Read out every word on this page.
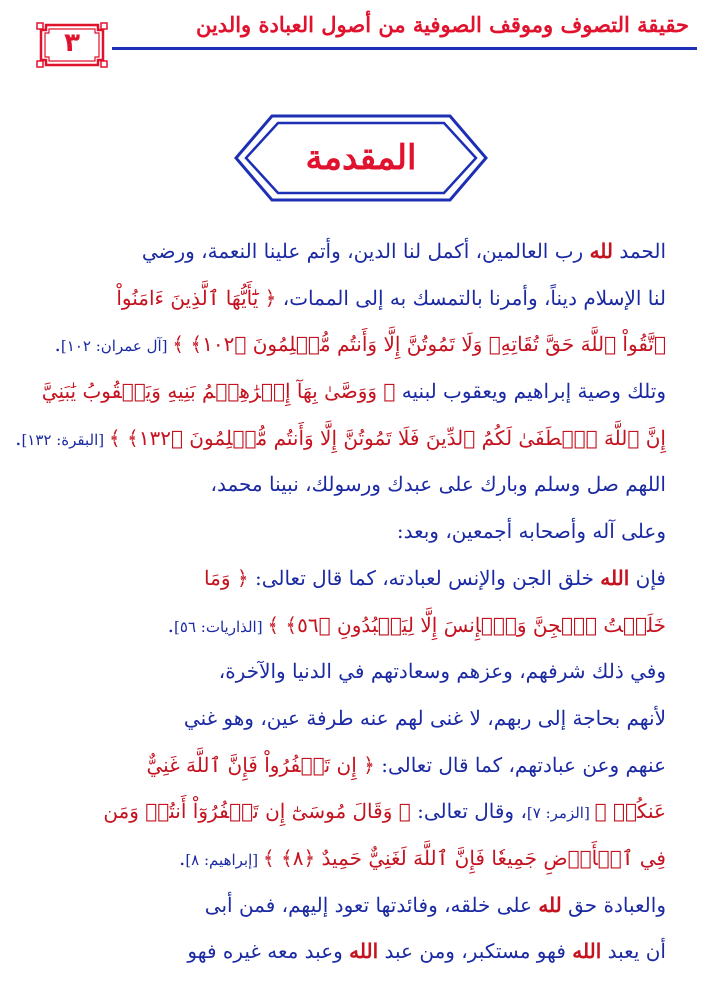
٣
حقيقة التصوف وموقف الصوفية من أصول العبادة والدين
المقدمة
الحمد لله رب العالمين، أكمل لنا الدين، وأتم علينا النعمة، ورضي
لنا الإسلام ديناً، وأمرنا بالتمسك به إلى الممات، ﴿ يَٰٓأَيُّهَا ٱلَّذِينَ ءَامَنُواْ
ٱتَّقُواْ ٱللَّهَ حَقَّ تُقَاتِهِۦ وَلَا تَمُوتُنَّ إِلَّا وَأَنتُم مُّسۡلِمُونَ ﴿١٠٢﴾ ﴾ [آل عمران: ١٠٢].
وتلك وصية إبراهيم ويعقوب لبنيه ﴿ وَوَصَّىٰ بِهَآ إِبۡرَٰهِـۧمُ بَنِيهِ وَيَعۡقُوبُ يَٰبَنِيَّ
إِنَّ ٱللَّهَ ٱصۡطَفَىٰ لَكُمُ ٱلدِّينَ فَلَا تَمُوتُنَّ إِلَّا وَأَنتُم مُّسۡلِمُونَ ﴿١٣٢﴾ ﴾ [البقرة: ١٣٢].
اللهم صل وسلم وبارك على عبدك ورسولك، نبينا محمد،
وعلى آله وأصحابه أجمعين، وبعد:
فإن الله خلق الجن والإنس لعبادته، كما قال تعالى: ﴿ وَمَا
خَلَقۡتُ ٱلۡجِنَّ وَٱلۡإِنسَ إِلَّا لِيَعۡبُدُونِ ﴿٥٦﴾ ﴾ [الذاريات: ٥٦].
وفي ذلك شرفهم، وعزهم وسعادتهم في الدنيا والآخرة،
لأنهم بحاجة إلى ربهم، لا غنى لهم عنه طرفة عين، وهو غني
عنهم وعن عبادتهم، كما قال تعالى: ﴿ إِن تَكۡفُرُواْ فَإِنَّ ٱللَّهَ غَنِيٌّ
عَنكُمۡ ﴾ [الزمر: ٧]، وقال تعالى: ﴿ وَقَالَ مُوسَىٰٓ إِن تَكۡفُرُوٓاْ أَنتُمۡ وَمَن
فِي ٱلۡأَرۡضِ جَمِيعٗا فَإِنَّ ٱللَّهَ لَغَنِيٌّ حَمِيدٌ ﴿٨﴾ ﴾ [إبراهيم: ٨].
والعبادة حق لله على خلقه، وفائدتها تعود إليهم، فمن أبى
أن يعبد الله فهو مستكبر، ومن عبد الله وعبد معه غيره فهو
